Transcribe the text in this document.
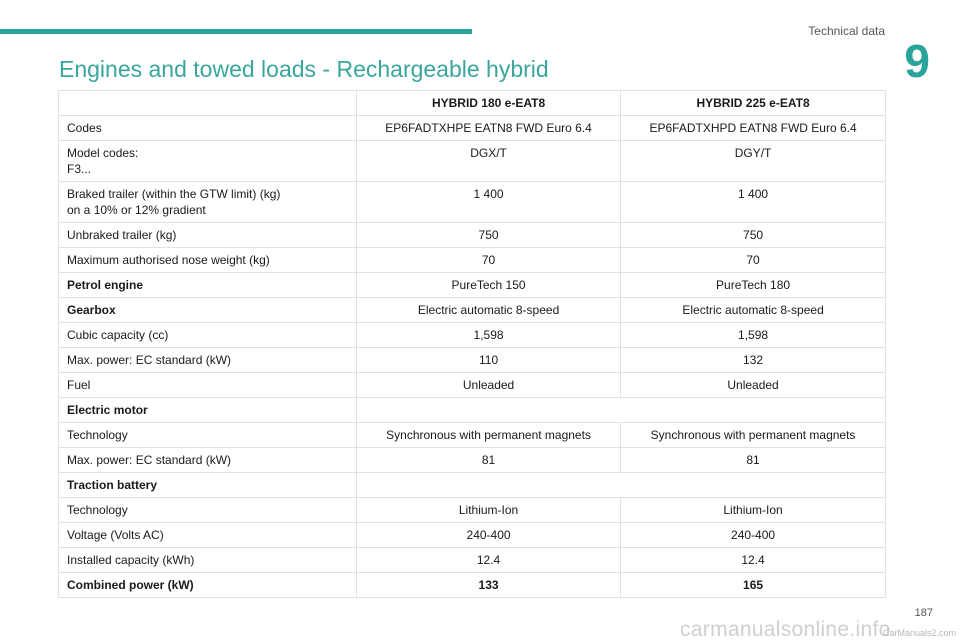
Technical data
9
Engines and towed loads - Rechargeable hybrid
	HYBRID 180 e-EAT8	HYBRID 225 e-EAT8
Codes	EP6FADTXHPE EATN8 FWD Euro 6.4	EP6FADTXHPD EATN8 FWD Euro 6.4
Model codes:
F3...	DGX/T	DGY/T
Braked trailer (within the GTW limit) (kg)
on a 10% or 12% gradient	1 400	1 400
Unbraked trailer (kg)	750	750
Maximum authorised nose weight (kg)	70	70
Petrol engine	PureTech 150	PureTech 180
Gearbox	Electric automatic 8-speed	Electric automatic 8-speed
Cubic capacity (cc)	1,598	1,598
Max. power: EC standard (kW)	110	132
Fuel	Unleaded	Unleaded
Electric motor		
Technology	Synchronous with permanent magnets	Synchronous with permanent magnets
Max. power: EC standard (kW)	81	81
Traction battery		
Technology	Lithium-Ion	Lithium-Ion
Voltage (Volts AC)	240-400	240-400
Installed capacity (kWh)	12.4	12.4
Combined power (kW)	133	165
187
carmanualsonline.info
CarManuals2.com
